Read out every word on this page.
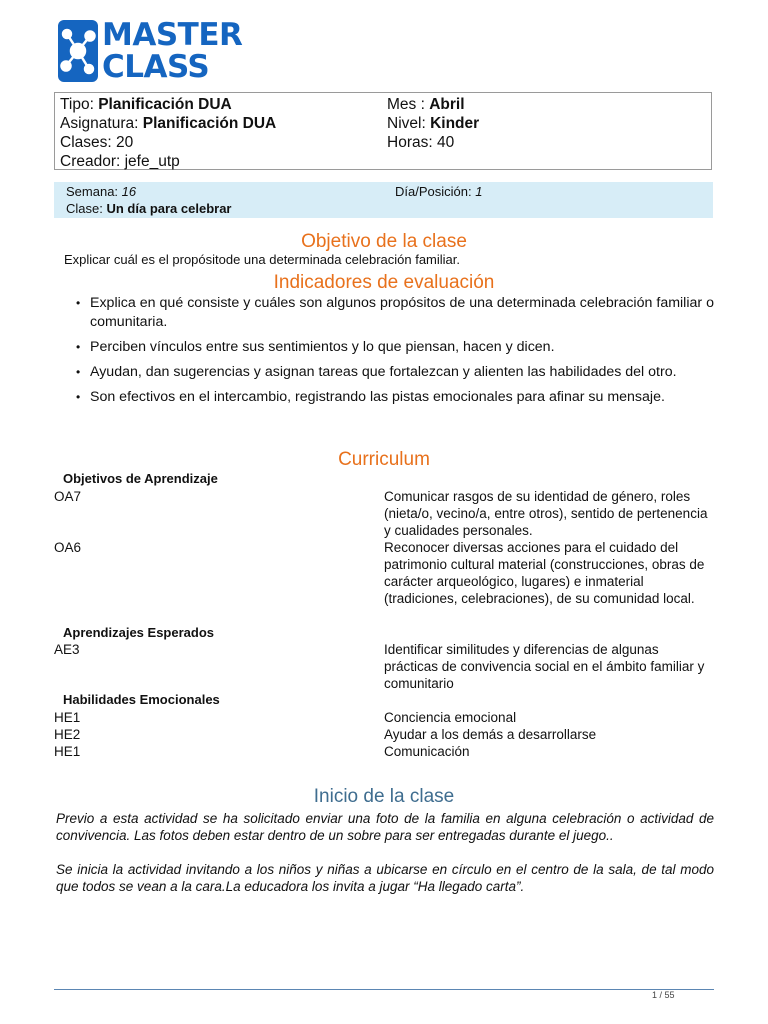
MASTER
CLASS
Tipo: Planificación DUA	Mes : Abril
Asignatura: Planificación DUA	Nivel: Kinder
Clases: 20	Horas: 40
Creador: jefe_utp
Semana: 16	Día/Posición: 1
Clase: Un día para celebrar
Objetivo de la clase
Explicar cuál es el propósitode una determinada celebración familiar.
Indicadores de evaluación
• Explica en qué consiste y cuáles son algunos propósitos de una determinada celebración familiar o comunitaria.
• Perciben vínculos entre sus sentimientos y lo que piensan, hacen y dicen.
• Ayudan, dan sugerencias y asignan tareas que fortalezcan y alienten las habilidades del otro.
• Son efectivos en el intercambio, registrando las pistas emocionales para afinar su mensaje.
Curriculum
Objetivos de Aprendizaje
OA7	Comunicar rasgos de su identidad de género, roles (nieta/o, vecino/a, entre otros), sentido de pertenencia y cualidades personales.
OA6	Reconocer diversas acciones para el cuidado del patrimonio cultural material (construcciones, obras de carácter arqueológico, lugares) e inmaterial (tradiciones, celebraciones), de su comunidad local.
Aprendizajes Esperados
AE3	Identificar similitudes y diferencias de algunas prácticas de convivencia social en el ámbito familiar y comunitario
Habilidades Emocionales
HE1	Conciencia emocional
HE2	Ayudar a los demás a desarrollarse
HE1	Comunicación
Inicio de la clase
Previo a esta actividad se ha solicitado enviar una foto de la familia en alguna celebración o actividad de convivencia. Las fotos deben estar dentro de un sobre para ser entregadas durante el juego..
Se inicia la actividad invitando a los niños y niñas a ubicarse en círculo en el centro de la sala, de tal modo que todos se vean a la cara.La educadora los invita a jugar “Ha llegado carta”.
1 / 55
